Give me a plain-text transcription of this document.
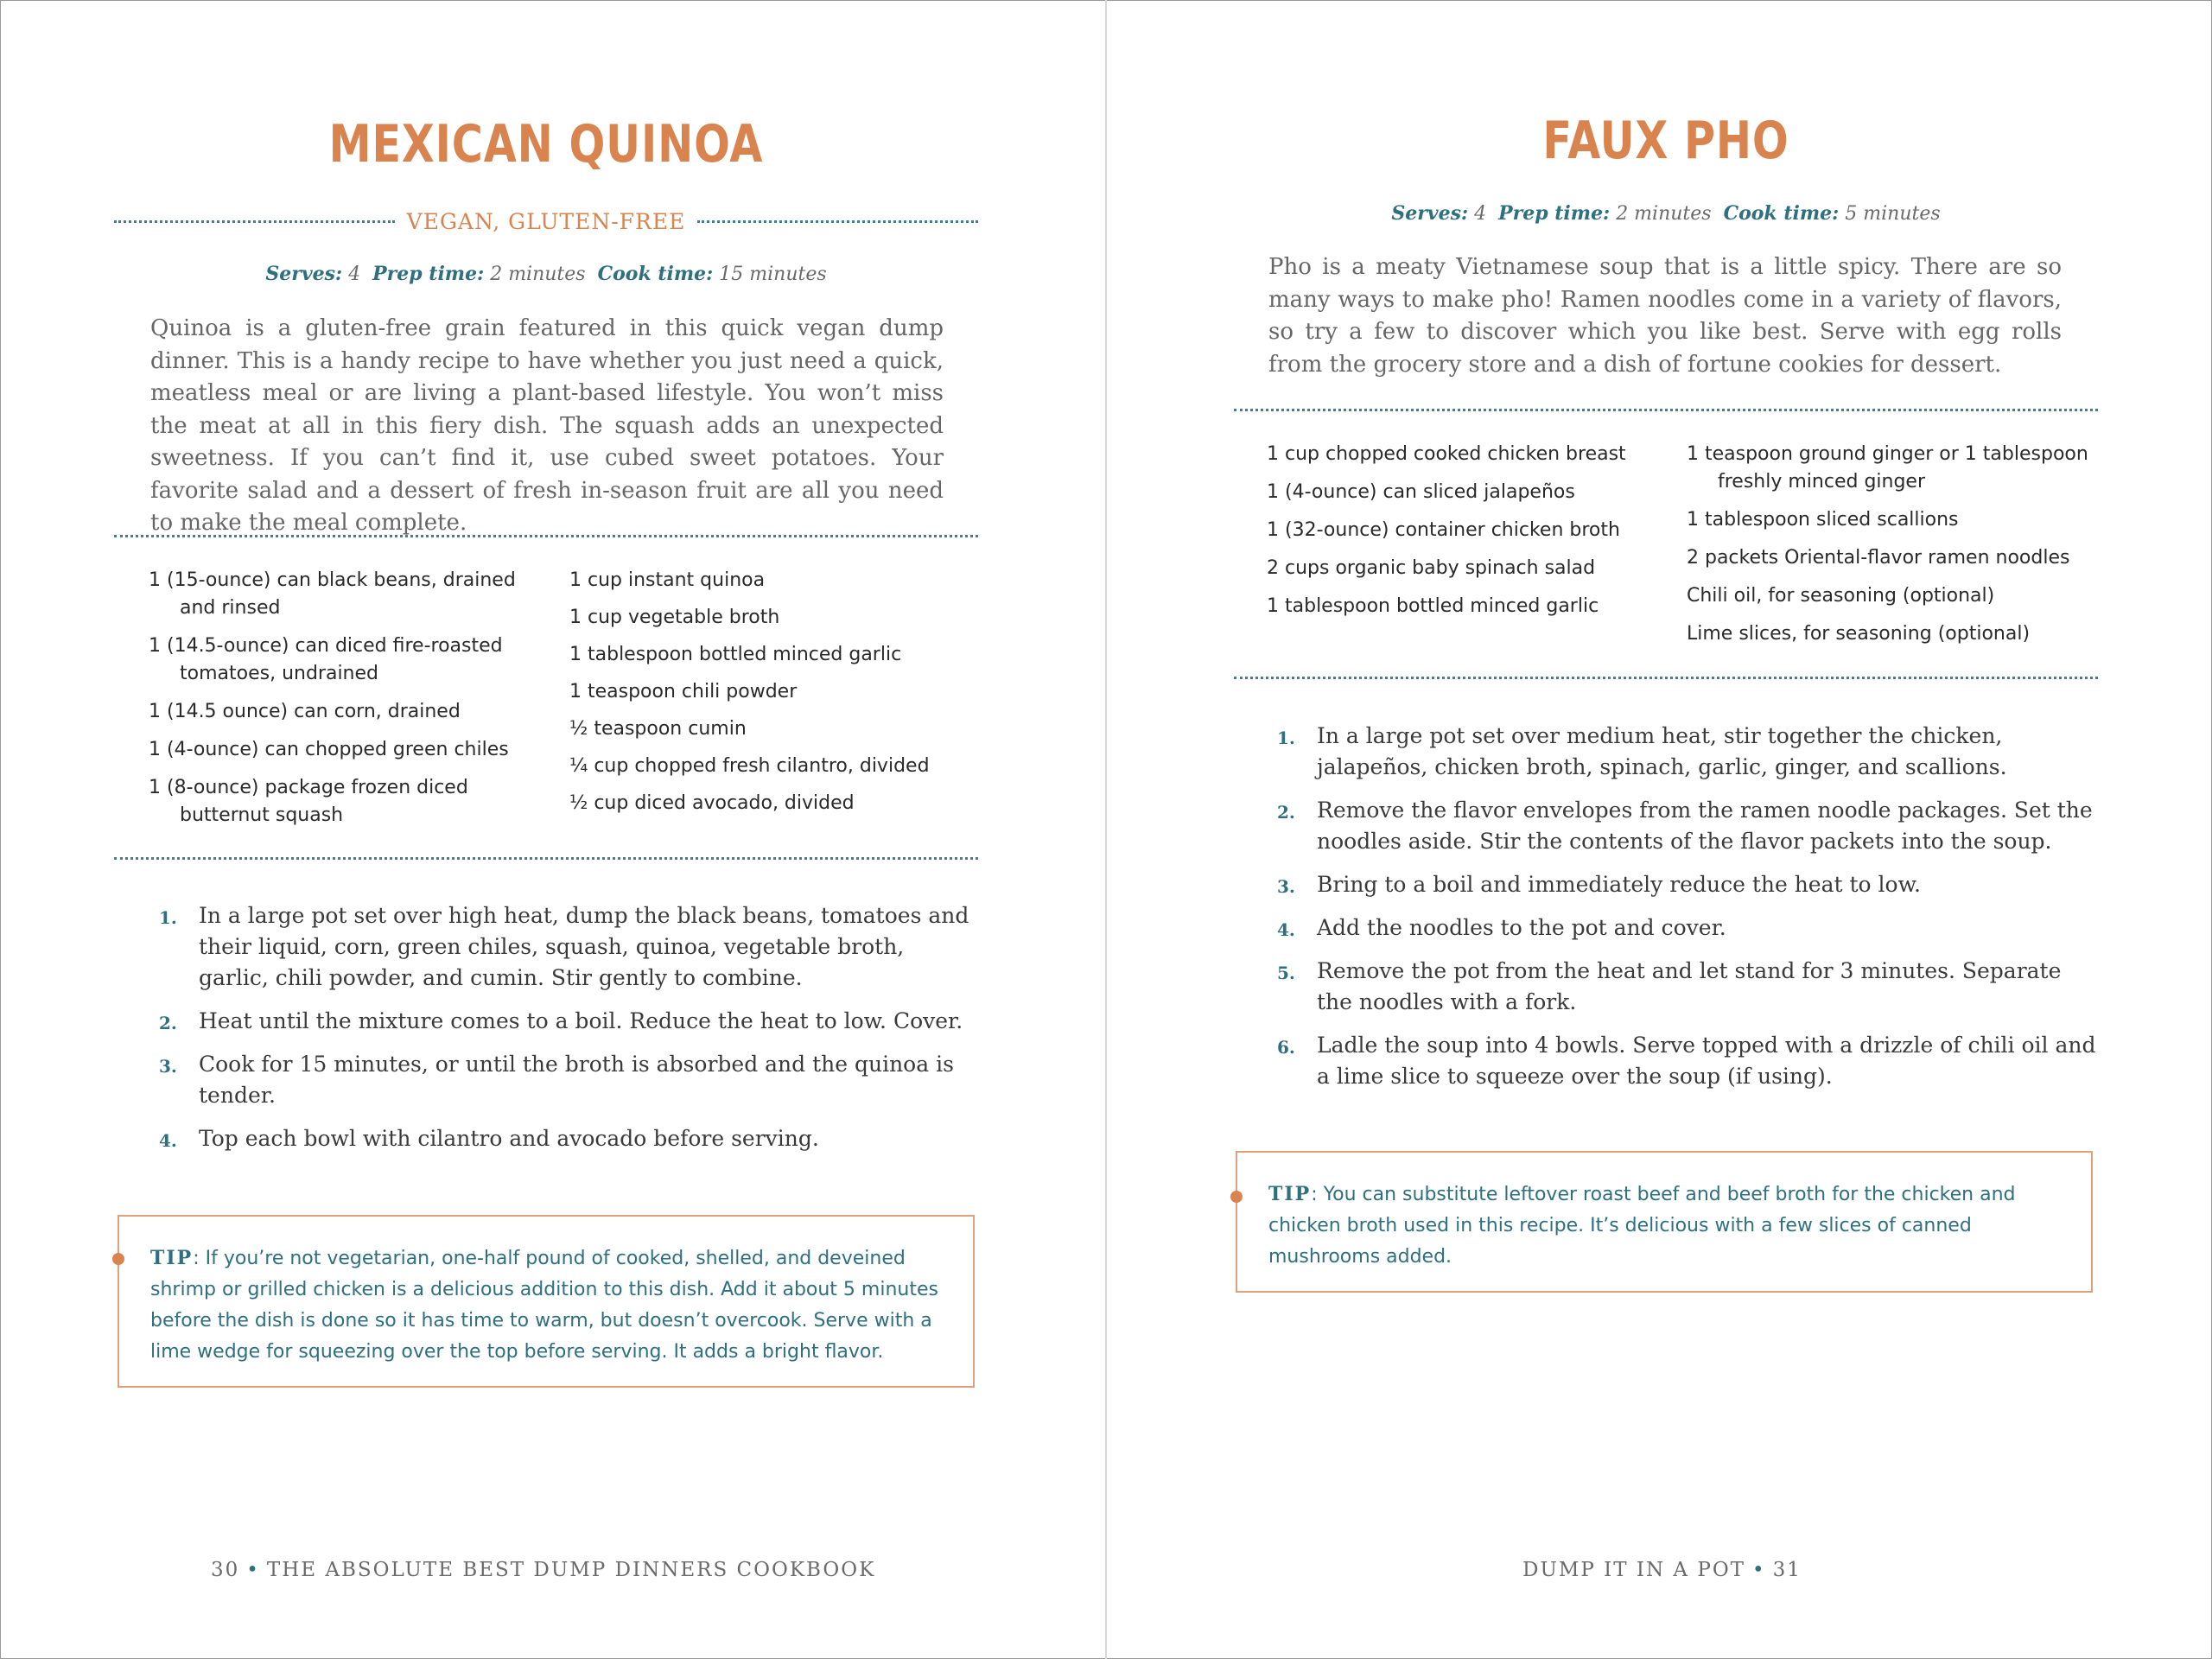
MEXICAN QUINOA
VEGAN, GLUTEN-FREE
Serves: 4 Prep time: 2 minutes Cook time: 15 minutes

Quinoa is a gluten-free grain featured in this quick vegan dump dinner. This is a handy recipe to have whether you just need a quick, meatless meal or are living a plant-based lifestyle. You won’t miss the meat at all in this fiery dish. The squash adds an unexpected sweetness. If you can’t find it, use cubed sweet potatoes. Your favorite salad and a dessert of fresh in-season fruit are all you need to make the meal complete.

1 (15-ounce) can black beans, drained and rinsed
1 (14.5-ounce) can diced fire-roasted tomatoes, undrained
1 (14.5 ounce) can corn, drained
1 (4-ounce) can chopped green chiles
1 (8-ounce) package frozen diced butternut squash
1 cup instant quinoa
1 cup vegetable broth
1 tablespoon bottled minced garlic
1 teaspoon chili powder
½ teaspoon cumin
¼ cup chopped fresh cilantro, divided
½ cup diced avocado, divided
1. In a large pot set over high heat, dump the black beans, tomatoes and their liquid, corn, green chiles, squash, quinoa, vegetable broth, garlic, chili powder, and cumin. Stir gently to combine.
2. Heat until the mixture comes to a boil. Reduce the heat to low. Cover.
3. Cook for 15 minutes, or until the broth is absorbed and the quinoa is tender.
4. Top each bowl with cilantro and avocado before serving.
TIP: If you’re not vegetarian, one-half pound of cooked, shelled, and deveined shrimp or grilled chicken is a delicious addition to this dish. Add it about 5 minutes before the dish is done so it has time to warm, but doesn’t overcook. Serve with a lime wedge for squeezing over the top before serving. It adds a bright flavor.
30 • THE ABSOLUTE BEST DUMP DINNERS COOKBOOK
FAUX PHO
Serves: 4 Prep time: 2 minutes Cook time: 5 minutes

Pho is a meaty Vietnamese soup that is a little spicy. There are so many ways to make pho! Ramen noodles come in a variety of flavors, so try a few to discover which you like best. Serve with egg rolls from the grocery store and a dish of fortune cookies for dessert.

1 cup chopped cooked chicken breast
1 (4-ounce) can sliced jalapeños
1 (32-ounce) container chicken broth
2 cups organic baby spinach salad
1 tablespoon bottled minced garlic
1 teaspoon ground ginger or 1 tablespoon freshly minced ginger
1 tablespoon sliced scallions
2 packets Oriental-flavor ramen noodles
Chili oil, for seasoning (optional)
Lime slices, for seasoning (optional)
1. In a large pot set over medium heat, stir together the chicken, jalapeños, chicken broth, spinach, garlic, ginger, and scallions.
2. Remove the flavor envelopes from the ramen noodle packages. Set the noodles aside. Stir the contents of the flavor packets into the soup.
3. Bring to a boil and immediately reduce the heat to low.
4. Add the noodles to the pot and cover.
5. Remove the pot from the heat and let stand for 3 minutes. Separate the noodles with a fork.
6. Ladle the soup into 4 bowls. Serve topped with a drizzle of chili oil and a lime slice to squeeze over the soup (if using).
TIP: You can substitute leftover roast beef and beef broth for the chicken and chicken broth used in this recipe. It’s delicious with a few slices of canned mushrooms added.
DUMP IT IN A POT • 31
